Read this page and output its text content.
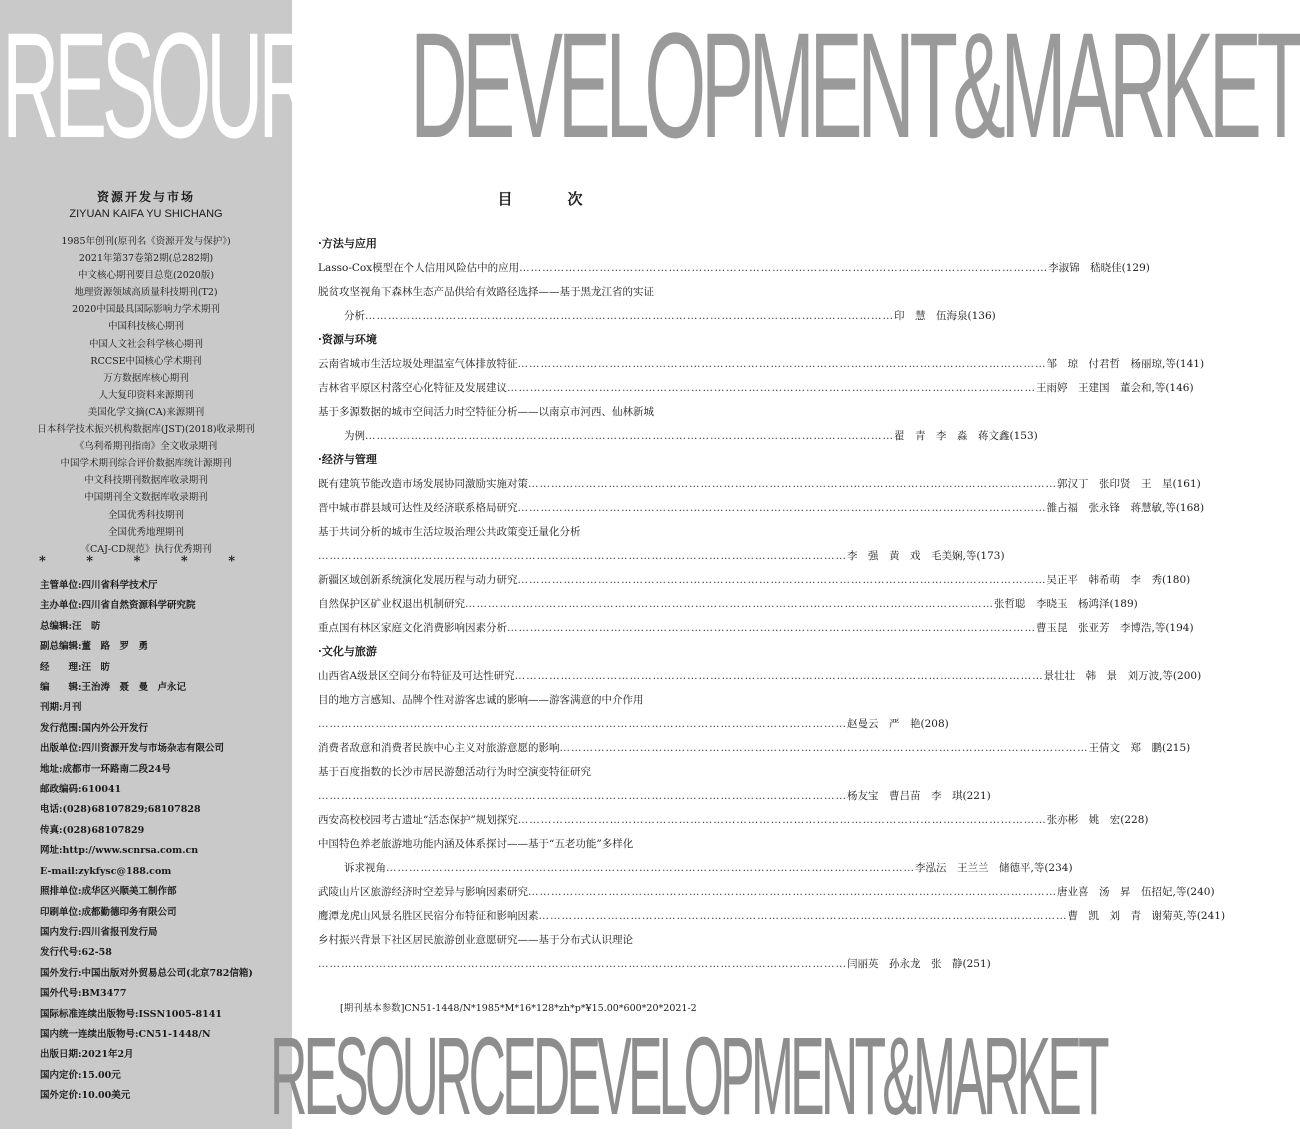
RESOURCEDEVELOPMENT&MARKET
资源开发与市场
ZIYUAN KAIFA YU SHICHANG
1985年创刊(原刊名《资源开发与保护》)
2021年第37卷第2期(总282期)
中文核心期刊要目总览(2020版)
地理资源领域高质量科技期刊(T2)
2020中国最具国际影响力学术期刊
中国科技核心期刊
中国人文社会科学核心期刊
RCCSE中国核心学术期刊
万方数据库核心期刊
人大复印资料来源期刊
美国化学文摘(CA)来源期刊
日本科学技术振兴机构数据库(JST)(2018)收录期刊
《乌利希期刊指南》全文收录期刊
中国学术期刊综合评价数据库统计源期刊
中文科技期刊数据库收录期刊
中国期刊全文数据库收录期刊
全国优秀科技期刊
全国优秀地理期刊
《CAJ-CD规范》执行优秀期刊
* * * * *
主管单位:四川省科学技术厅
主办单位:四川省自然资源科学研究院
总编辑:汪　昉
副总编辑:董　路　罗　勇
经　　理:汪　昉
编　　辑:王治涛　聂　曼　卢永记
刊期:月刊
发行范围:国内外公开发行
出版单位:四川资源开发与市场杂志有限公司
地址:成都市一环路南二段24号
邮政编码:610041
电话:(028)68107829;68107828
传真:(028)68107829
网址:http://www.scnrsa.com.cn
E-mail:zykfysc@188.com
照排单位:成华区兴顺美工制作部
印刷单位:成都勤德印务有限公司
国内发行:四川省报刊发行局
发行代号:62-58
国外发行:中国出版对外贸易总公司(北京782信箱)
国外代号:BM3477
国际标准连续出版物号:ISSN1005-8141
国内统一连续出版物号:CN51-1448/N
出版日期:2021年2月
国内定价:15.00元
国外定价:10.00美元
目　次
·方法与应用
Lasso-Cox模型在个人信用风险估中的应用 ………………………………………………………………………………………………………………………… 李淑锦　嵇晓佳(129)
脱贫攻坚视角下森林生态产品供给有效路径选择——基于黑龙江省的实证
分析 ………………………………………………………………………………………………………………………… 印　慧　伍海泉(136)
·资源与环境
云南省城市生活垃圾处理温室气体排放特征 ………………………………………………………………………………………………………………………… 邹　琼　付君哲　杨丽琼,等(141)
吉林省平原区村落空心化特征及发展建议 ………………………………………………………………………………………………………………………… 王雨婷　王建国　董会和,等(146)
基于多源数据的城市空间活力时空特征分析——以南京市河西、仙林新城
为例 ………………………………………………………………………………………………………………………… 翟　青　李　淼　蒋文鑫(153)
·经济与管理
既有建筑节能改造市场发展协同激励实施对策 ………………………………………………………………………………………………………………………… 郭汉丁　张印贤　王　星(161)
晋中城市群县域可达性及经济联系格局研究 ………………………………………………………………………………………………………………………… 雒占福　张永锋　蒋慧敏,等(168)
基于共词分析的城市生活垃圾治理公共政策变迁量化分析
………………………………………………………………………………………………………………………… 李　强　黄　戏　毛美娴,等(173)
新疆区域创新系统演化发展历程与动力研究 ………………………………………………………………………………………………………………………… 吴正平　韩希萌　李　秀(180)
自然保护区矿业权退出机制研究 ………………………………………………………………………………………………………………………… 张哲聪　李晓玉　杨鸿泽(189)
重点国有林区家庭文化消费影响因素分析 ………………………………………………………………………………………………………………………… 曹玉昆　张亚芳　李博浩,等(194)
·文化与旅游
山西省A级景区空间分布特征及可达性研究 ………………………………………………………………………………………………………………………… 景壮壮　韩　景　刘万波,等(200)
目的地方言感知、品牌个性对游客忠诚的影响——游客满意的中介作用
………………………………………………………………………………………………………………………… 赵曼云　严　艳(208)
消费者敌意和消费者民族中心主义对旅游意愿的影响 ………………………………………………………………………………………………………………………… 王倩文　郑　鹏(215)
基于百度指数的长沙市居民游憩活动行为时空演变特征研究
………………………………………………………………………………………………………………………… 杨友宝　曹吕苗　李　琪(221)
西安高校校园考古遗址“活态保护”规划探究 ………………………………………………………………………………………………………………………… 张亦彬　姚　宏(228)
中国特色养老旅游地功能内涵及体系探讨——基于“五老功能”多样化
诉求视角 ………………………………………………………………………………………………………………………… 李泓沄　王兰兰　储德平,等(234)
武陵山片区旅游经济时空差异与影响因素研究 ………………………………………………………………………………………………………………………… 唐业喜　汤　昇　伍招妃,等(240)
鹰潭龙虎山风景名胜区民宿分布特征和影响因素 ………………………………………………………………………………………………………………………… 曹　凯　刘　青　谢菊英,等(241)
乡村振兴背景下社区居民旅游创业意愿研究——基于分布式认识理论
………………………………………………………………………………………………………………………… 闫丽英　孙永龙　张　静(251)
[期刊基本参数]CN51-1448/N*1985*M*16*128*zh*p*¥15.00*600*20*2021-2
RESOURCEDEVELOPMENT&MARKET
